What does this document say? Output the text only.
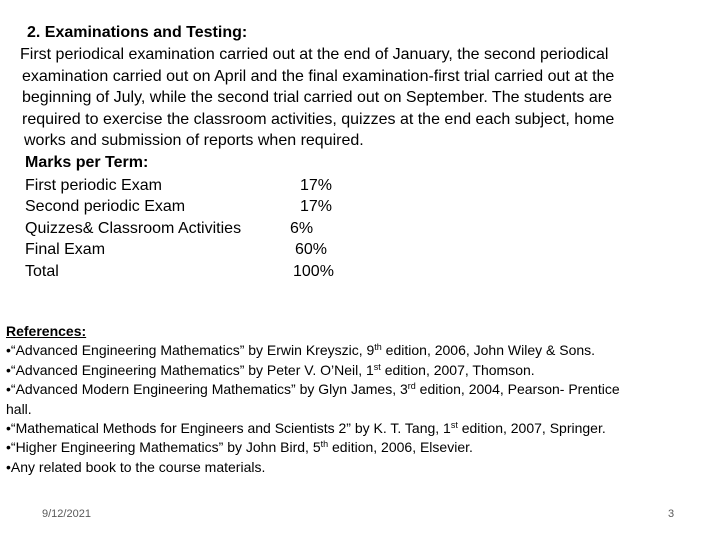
2. Examinations and Testing:
First periodical examination carried out at the end of January, the second periodical
examination carried out on April and the final examination-first trial carried out at the
beginning of July, while the second trial carried out on September. The students are
required to exercise the classroom activities, quizzes at the end each subject, home
works and submission of reports when required.
Marks per Term:
First periodic Exam	17%
Second periodic Exam	17%
Quizzes& Classroom Activities	6%
Final Exam	60%
Total	100%
References:
•“Advanced Engineering Mathematics” by Erwin Kreyszic, 9th edition, 2006, John Wiley & Sons.
•“Advanced Engineering Mathematics” by Peter V. O’Neil, 1st edition, 2007, Thomson.
•“Advanced Modern Engineering Mathematics” by Glyn James, 3rd edition, 2004, Pearson- Prentice
hall.
•“Mathematical Methods for Engineers and Scientists 2” by K. T. Tang, 1st edition, 2007, Springer.
•“Higher Engineering Mathematics” by John Bird, 5th edition, 2006, Elsevier.
•Any related book to the course materials.
9/12/2021	3
